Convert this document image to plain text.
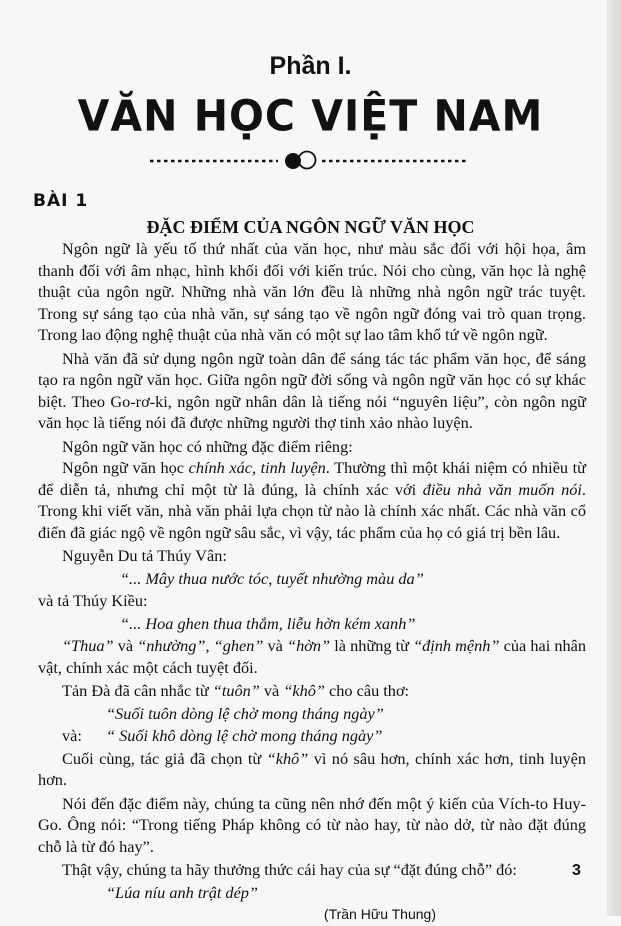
Phần I.
VĂN HỌC VIỆT NAM
BÀI 1
ĐẶC ĐIỂM CỦA NGÔN NGỮ VĂN HỌC

Ngôn ngữ là yếu tố thứ nhất của văn học, như màu sắc đối với hội họa, âm thanh đối với âm nhạc, hình khối đối với kiến trúc. Nói cho cùng, văn học là nghệ thuật của ngôn ngữ. Những nhà văn lớn đều là những nhà ngôn ngữ trác tuyệt. Trong sự sáng tạo của nhà văn, sự sáng tạo về ngôn ngữ đóng vai trò quan trọng. Trong lao động nghệ thuật của nhà văn có một sự lao tâm khổ tứ về ngôn ngữ.

Nhà văn đã sử dụng ngôn ngữ toàn dân để sáng tác tác phẩm văn học, để sáng tạo ra ngôn ngữ văn học. Giữa ngôn ngữ đời sống và ngôn ngữ văn học có sự khác biệt. Theo Go-rơ-ki, ngôn ngữ nhân dân là tiếng nói “nguyên liệu”, còn ngôn ngữ văn học là tiếng nói đã được những người thợ tinh xảo nhào luyện.

Ngôn ngữ văn học có những đặc điểm riêng:

Ngôn ngữ văn học chính xác, tinh luyện. Thường thì một khái niệm có nhiều từ để diễn tả, nhưng chỉ một từ là đúng, là chính xác với điều nhà văn muốn nói. Trong khi viết văn, nhà văn phải lựa chọn từ nào là chính xác nhất. Các nhà văn cổ điển đã giác ngộ về ngôn ngữ sâu sắc, vì vậy, tác phẩm của họ có giá trị bền lâu.

Nguyễn Du tả Thúy Vân:

“... Mây thua nước tóc, tuyết nhường màu da”

và tả Thúy Kiều:

“... Hoa ghen thua thắm, liễu hờn kém xanh”

“Thua” và “nhường”, “ghen” và “hờn” là những từ “định mệnh” của hai nhân vật, chính xác một cách tuyệt đối.

Tản Đà đã cân nhắc từ “tuôn” và “khô” cho câu thơ:

“Suối tuôn dòng lệ chờ mong tháng ngày”

và: “ Suối khô dòng lệ chờ mong tháng ngày”

Cuối cùng, tác giả đã chọn từ “khô” vì nó sâu hơn, chính xác hơn, tinh luyện hơn.

Nói đến đặc điểm này, chúng ta cũng nên nhớ đến một ý kiến của Vích-to Huy-Go. Ông nói: “Trong tiếng Pháp không có từ nào hay, từ nào dở, từ nào đặt đúng chỗ là từ đó hay”.

Thật vậy, chúng ta hãy thưởng thức cái hay của sự “đặt đúng chỗ” đó:

“Lúa níu anh trật dép”

(Trần Hữu Thung)

3
